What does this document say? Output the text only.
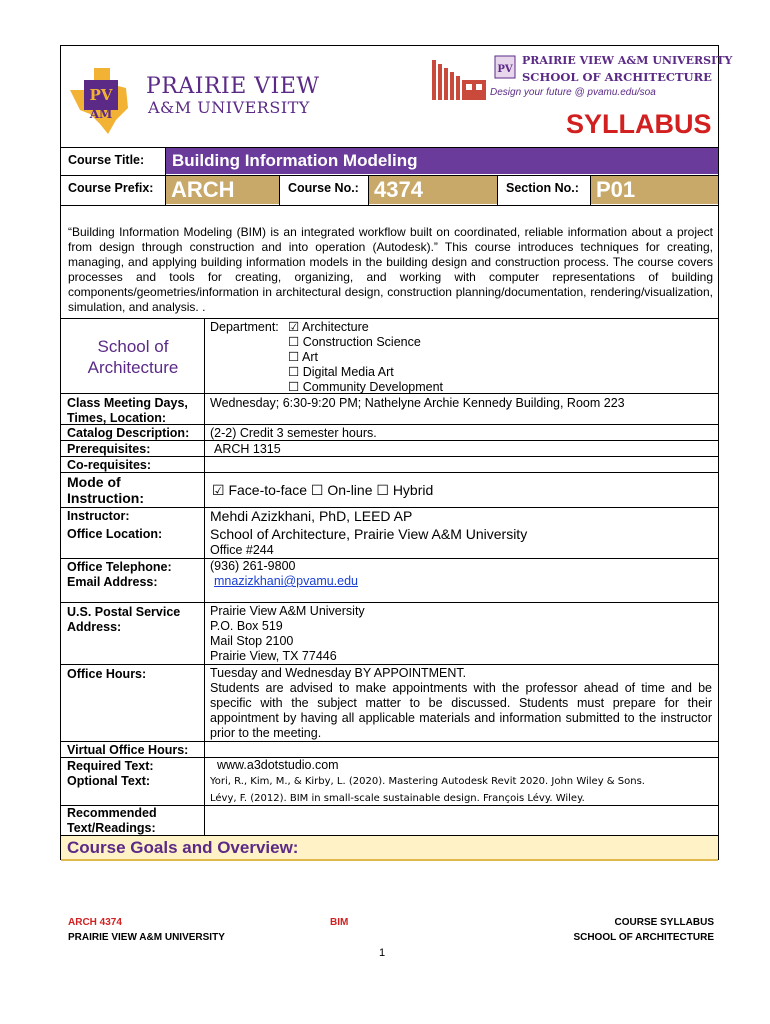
PV
AM
PRAIRIE VIEW
A&M UNIVERSITY
PV
PRAIRIE VIEW A&M UNIVERSITY
SCHOOL OF ARCHITECTURE
Design your future @ pvamu.edu/soa
SYLLABUS
Course Title: Building Information Modeling
Course Prefix: ARCH	Course No.: 4374	Section No.: P01
“Building Information Modeling (BIM) is an integrated workflow built on coordinated, reliable information about a project from design through construction and into operation (Autodesk).” This course introduces techniques for creating, managing, and applying building information models in the building design and construction process. The course covers processes and tools for creating, organizing, and working with computer representations of building components/geometries/information in architectural design, construction planning/documentation, rendering/visualization, simulation, and analysis. .
School of Architecture
Department: ☑ Architecture
☐ Construction Science
☐ Art
☐ Digital Media Art
☐ Community Development
Class Meeting Days, Times, Location:
Wednesday; 6:30-9:20 PM; Nathelyne Archie Kennedy Building, Room 223
Catalog Description: (2-2) Credit 3 semester hours.
Prerequisites:	ARCH 1315
Co-requisites:
Mode of Instruction:	☑ Face-to-face ☐ On-line ☐ Hybrid
Instructor:	Mehdi Azizkhani, PhD, LEED AP
Office Location:	School of Architecture, Prairie View A&M University
Office #244
Office Telephone:	(936) 261-9800
Email Address:	mnazizkhani@pvamu.edu
U.S. Postal Service Address:
Prairie View A&M University
P.O. Box 519
Mail Stop 2100
Prairie View, TX 77446
Office Hours:	Tuesday and Wednesday BY APPOINTMENT.
Students are advised to make appointments with the professor ahead of time and be specific with the subject matter to be discussed. Students must prepare for their appointment by having all applicable materials and information submitted to the instructor prior to the meeting.
Virtual Office Hours:
Required Text:	www.a3dotstudio.com
Optional Text:	Yori, R., Kim, M., & Kirby, L. (2020). Mastering Autodesk Revit 2020. John Wiley & Sons.
Lévy, F. (2012). BIM in small-scale sustainable design. François Lévy. Wiley.
Recommended Text/Readings:
Course Goals and Overview:
ARCH 4374
PRAIRIE VIEW A&M UNIVERSITY
BIM	COURSE SYLLABUS
SCHOOL OF ARCHITECTURE
1
